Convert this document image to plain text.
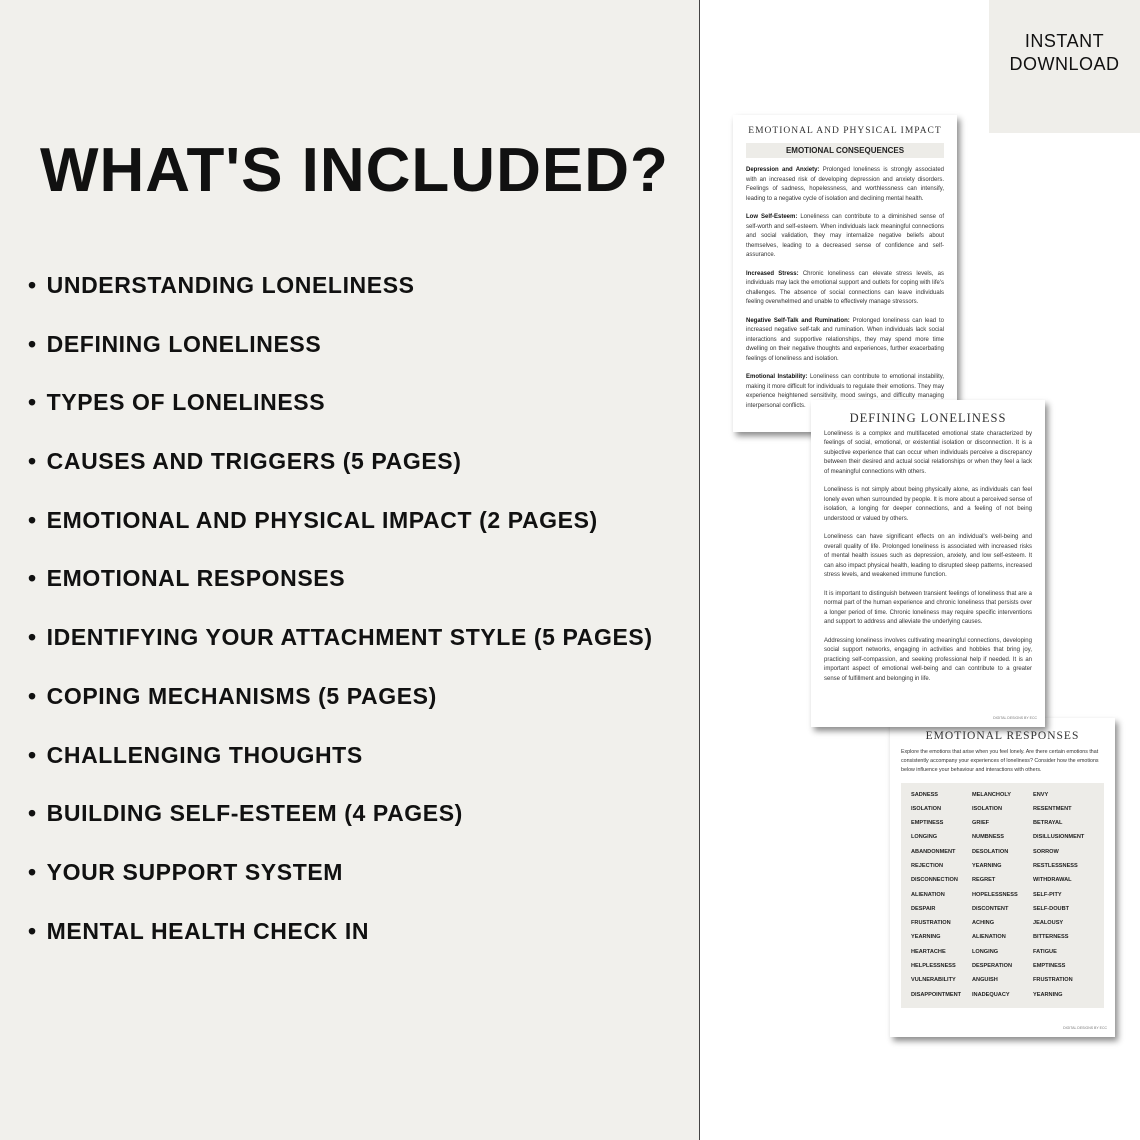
WHAT'S INCLUDED?
• UNDERSTANDING LONELINESS
• DEFINING LONELINESS
• TYPES OF LONELINESS
• CAUSES AND TRIGGERS (5 PAGES)
• EMOTIONAL AND PHYSICAL IMPACT (2 PAGES)
• EMOTIONAL RESPONSES
• IDENTIFYING YOUR ATTACHMENT STYLE (5 PAGES)
• COPING MECHANISMS (5 PAGES)
• CHALLENGING THOUGHTS
• BUILDING SELF-ESTEEM (4 PAGES)
• YOUR SUPPORT SYSTEM
• MENTAL HEALTH CHECK IN
INSTANT
DOWNLOAD
EMOTIONAL AND PHYSICAL IMPACT
EMOTIONAL CONSEQUENCES

Depression and Anxiety: Prolonged loneliness is strongly associated with an increased risk of developing depression and anxiety disorders. Feelings of sadness, hopelessness, and worthlessness can intensify, leading to a negative cycle of isolation and declining mental health.

Low Self-Esteem: Loneliness can contribute to a diminished sense of self-worth and self-esteem. When individuals lack meaningful connections and social validation, they may internalize negative beliefs about themselves, leading to a decreased sense of confidence and self-assurance.

Increased Stress: Chronic loneliness can elevate stress levels, as individuals may lack the emotional support and outlets for coping with life's challenges. The absence of social connections can leave individuals feeling overwhelmed and unable to effectively manage stressors.

Negative Self-Talk and Rumination: Prolonged loneliness can lead to increased negative self-talk and rumination. When individuals lack social interactions and supportive relationships, they may spend more time dwelling on their negative thoughts and experiences, further exacerbating feelings of loneliness and isolation.

Emotional Instability: Loneliness can contribute to emotional instability, making it more difficult for individuals to regulate their emotions. They may experience heightened sensitivity, mood swings, and difficulty managing interpersonal conflicts.

DEFINING LONELINESS

Loneliness is a complex and multifaceted emotional state characterized by feelings of social, emotional, or existential isolation or disconnection. It is a subjective experience that can occur when individuals perceive a discrepancy between their desired and actual social relationships or when they feel a lack of meaningful connections with others.

Loneliness is not simply about being physically alone, as individuals can feel lonely even when surrounded by people. It is more about a perceived sense of isolation, a longing for deeper connections, and a feeling of not being understood or valued by others.

Loneliness can have significant effects on an individual's well-being and overall quality of life. Prolonged loneliness is associated with increased risks of mental health issues such as depression, anxiety, and low self-esteem. It can also impact physical health, leading to disrupted sleep patterns, increased stress levels, and weakened immune function.

It is important to distinguish between transient feelings of loneliness that are a normal part of the human experience and chronic loneliness that persists over a longer period of time. Chronic loneliness may require specific interventions and support to address and alleviate the underlying causes.

Addressing loneliness involves cultivating meaningful connections, developing social support networks, engaging in activities and hobbies that bring joy, practicing self-compassion, and seeking professional help if needed. It is an important aspect of emotional well-being and can contribute to a greater sense of fulfillment and belonging in life.

DIGITAL DESIGNS BY ECC
EMOTIONAL RESPONSES
Explore the emotions that arise when you feel lonely. Are there certain emotions that consistently accompany your experiences of loneliness? Consider how the emotions below influence your behaviour and interactions with others.
SADNESS	MELANCHOLY	ENVY
ISOLATION	ISOLATION	RESENTMENT
EMPTINESS	GRIEF	BETRAYAL
LONGING	NUMBNESS	DISILLUSIONMENT
ABANDONMENT	DESOLATION	SORROW
REJECTION	YEARNING	RESTLESSNESS
DISCONNECTION	REGRET	WITHDRAWAL
ALIENATION	HOPELESSNESS	SELF-PITY
DESPAIR	DISCONTENT	SELF-DOUBT
FRUSTRATION	ACHING	JEALOUSY
YEARNING	ALIENATION	BITTERNESS
HEARTACHE	LONGING	FATIGUE
HELPLESSNESS	DESPERATION	EMPTINESS
VULNERABILITY	ANGUISH	FRUSTRATION
DISAPPOINTMENT	INADEQUACY	YEARNING
DIGITAL DESIGNS BY ECC
